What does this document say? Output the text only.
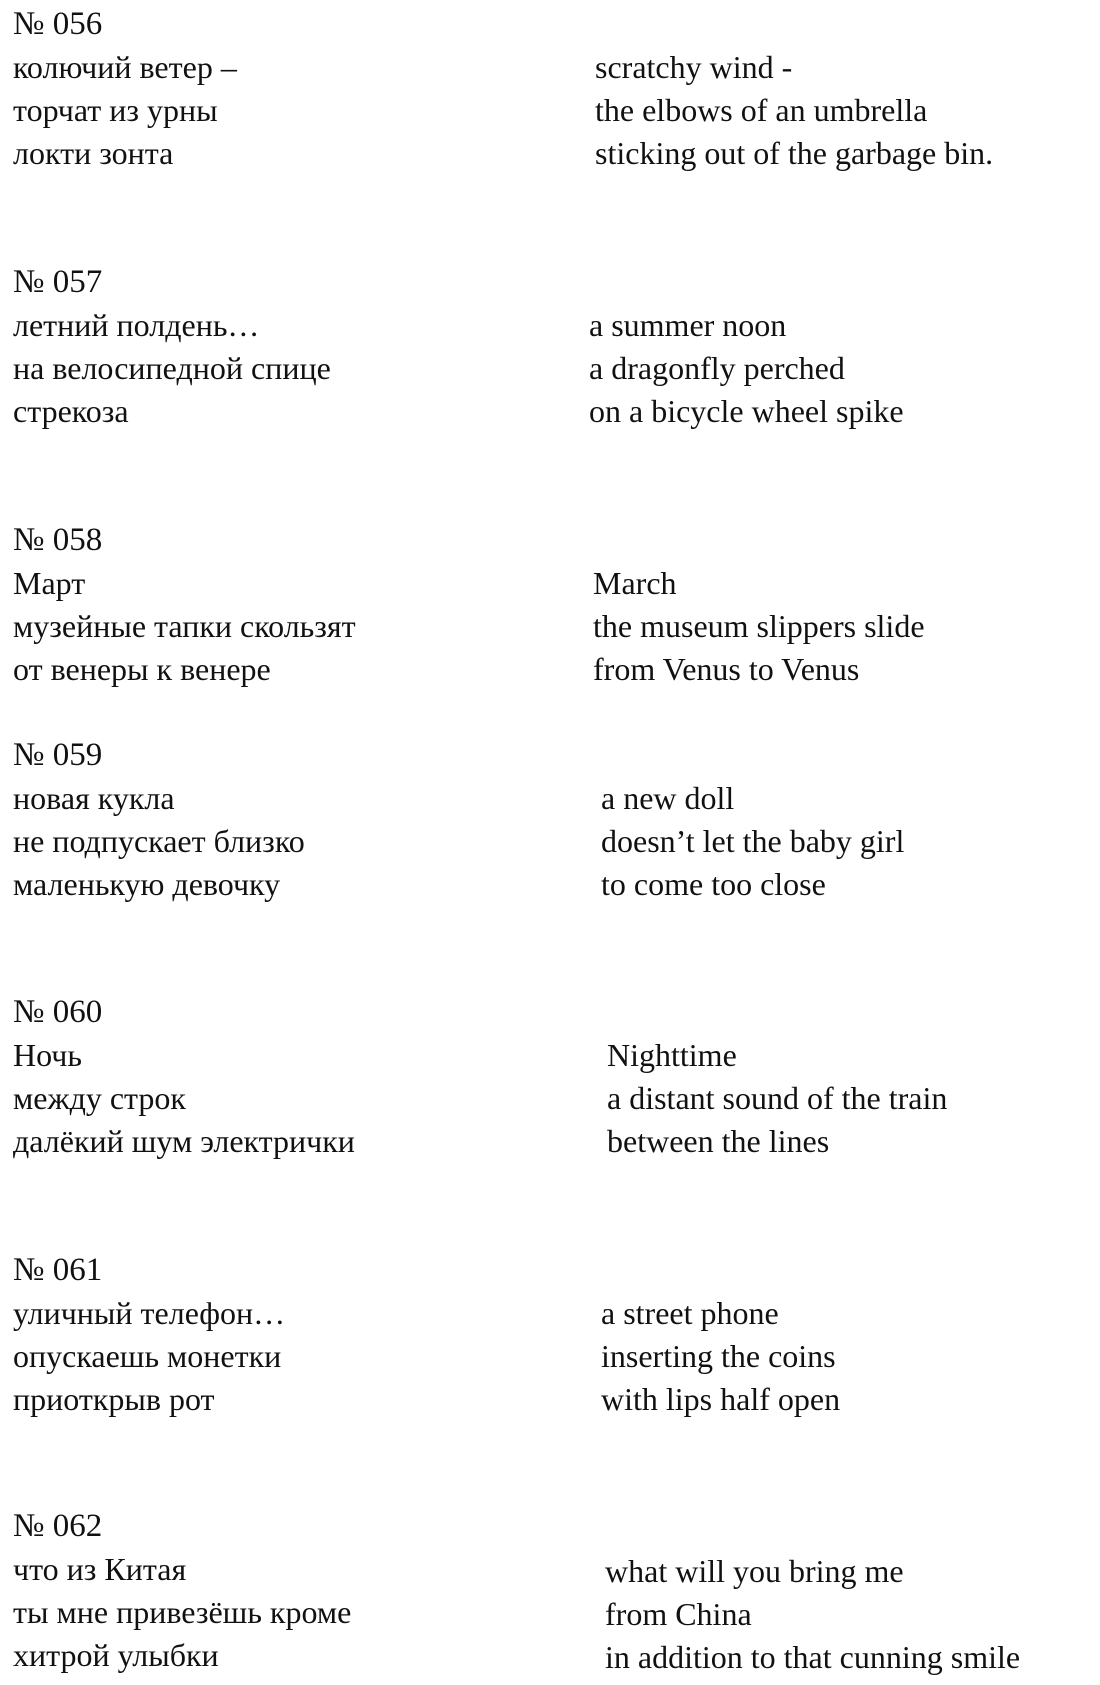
№ 056
колючий ветер –
торчат из урны
локти зонта
scratchy wind -
the elbows of an umbrella
sticking out of the garbage bin.
№ 057
летний полдень…
на велосипедной спице
стрекоза
a summer noon
a dragonfly perched
on a bicycle wheel spike
№ 058
Март
музейные тапки скользят
от венеры к венере
March
the museum slippers slide
from Venus to Venus
№ 059
новая кукла
не подпускает близко
маленькую девочку
a new doll
doesn’t let the baby girl
to come too close
№ 060
Ночь
между строк
далёкий шум электрички
Nighttime
a distant sound of the train
between the lines
№ 061
уличный телефон…
опускаешь монетки
приоткрыв рот
a street phone
inserting the coins
with lips half open
№ 062
что из Китая
ты мне привезёшь кроме
хитрой улыбки
what will you bring me
from China
in addition to that cunning smile
